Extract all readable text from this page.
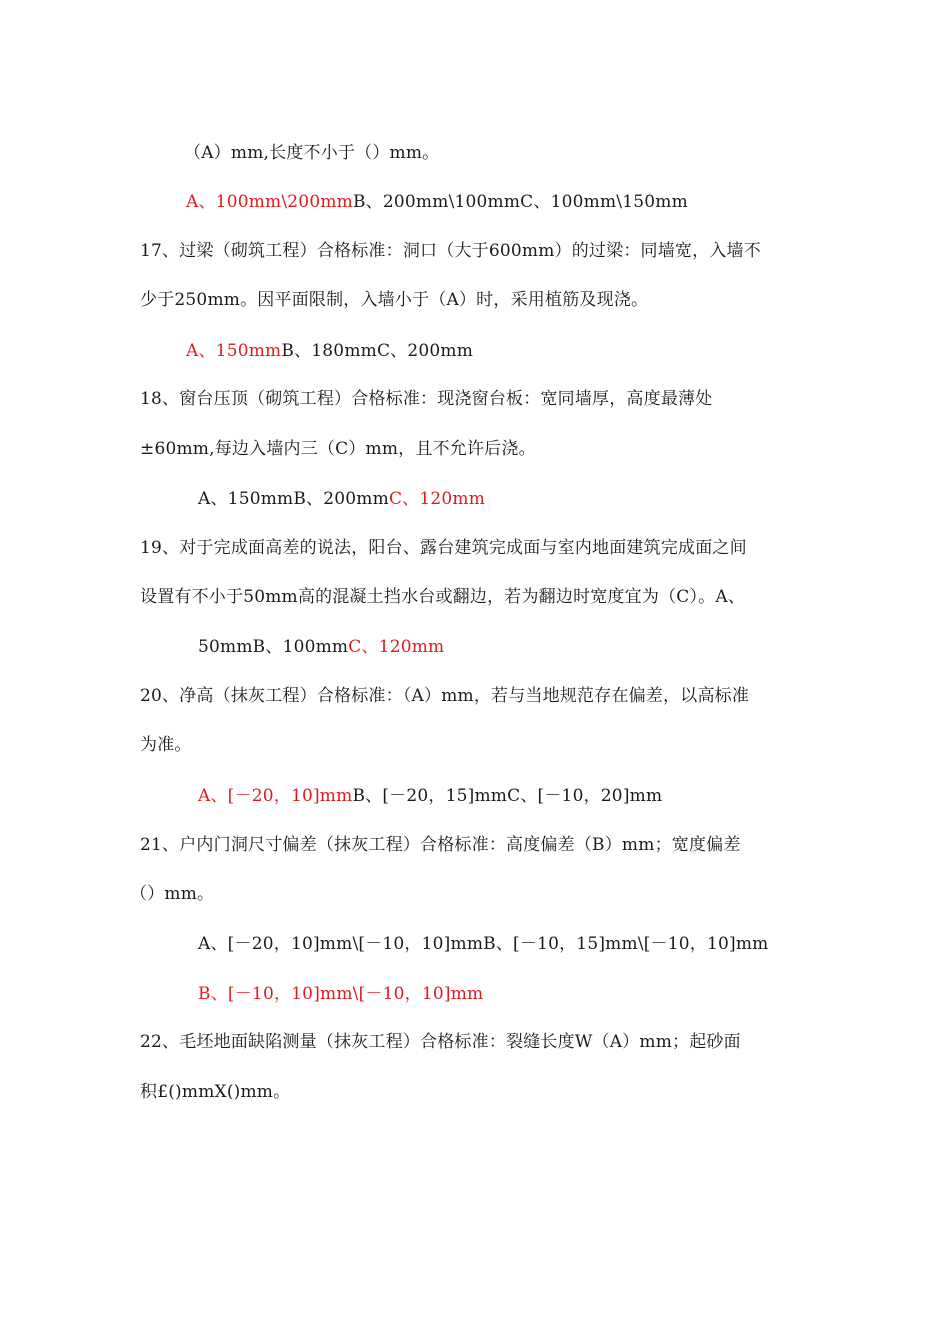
（A）mm,长度不小于（）mm。
A、100mm\200mmB、200mm\100mmC、100mm\150mm
17、过梁（砌筑工程）合格标准：洞口（大于600mm）的过梁：同墙宽，入墙不
少于250mm。因平面限制，入墙小于（A）时，采用植筋及现浇。
A、150mmB、180mmC、200mm
18、窗台压顶（砌筑工程）合格标准：现浇窗台板：宽同墙厚，高度最薄处
±60mm,每边入墙内三（C）mm，且不允许后浇。
A、150mmB、200mmC、120mm
19、对于完成面高差的说法，阳台、露台建筑完成面与室内地面建筑完成面之间
设置有不小于50mm高的混凝土挡水台或翻边，若为翻边时宽度宜为（C）。A、
50mmB、100mmC、120mm
20、净高（抹灰工程）合格标准：（A）mm，若与当地规范存在偏差，以高标准
为准。
A、[－20，10]mmB、[－20，15]mmC、[－10，20]mm
21、户内门洞尺寸偏差（抹灰工程）合格标准：高度偏差（B）mm；宽度偏差
（）mm。
A、[－20，10]mm\[－10，10]mmB、[－10，15]mm\[－10，10]mm
B、[－10，10]mm\[－10，10]mm
22、毛坯地面缺陷测量（抹灰工程）合格标准：裂缝长度W（A）mm；起砂面
积£()mmX()mm。
